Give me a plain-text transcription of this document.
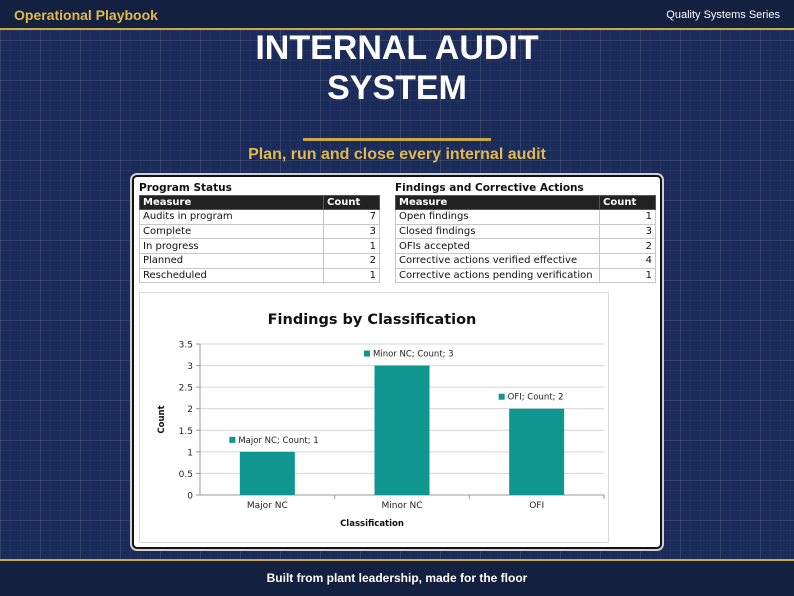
Operational Playbook	Quality Systems Series
INTERNAL AUDIT
SYSTEM
Plan, run and close every internal audit
Program Status
Measure	Count
Audits in program	7
Complete	3
In progress	1
Planned	2
Rescheduled	1
Findings and Corrective Actions
Measure	Count
Open findings	1
Closed findings	3
OFIs accepted	2
Corrective actions verified effective	4
Corrective actions pending verification	1
Findings by Classification
0
0.5
1
1.5
2
2.5
3
3.5
Major NC
Major NC; Count; 1
Minor NC
Minor NC; Count; 3
OFI
OFI; Count; 2
Classification
Count
Built from plant leadership, made for the floor
